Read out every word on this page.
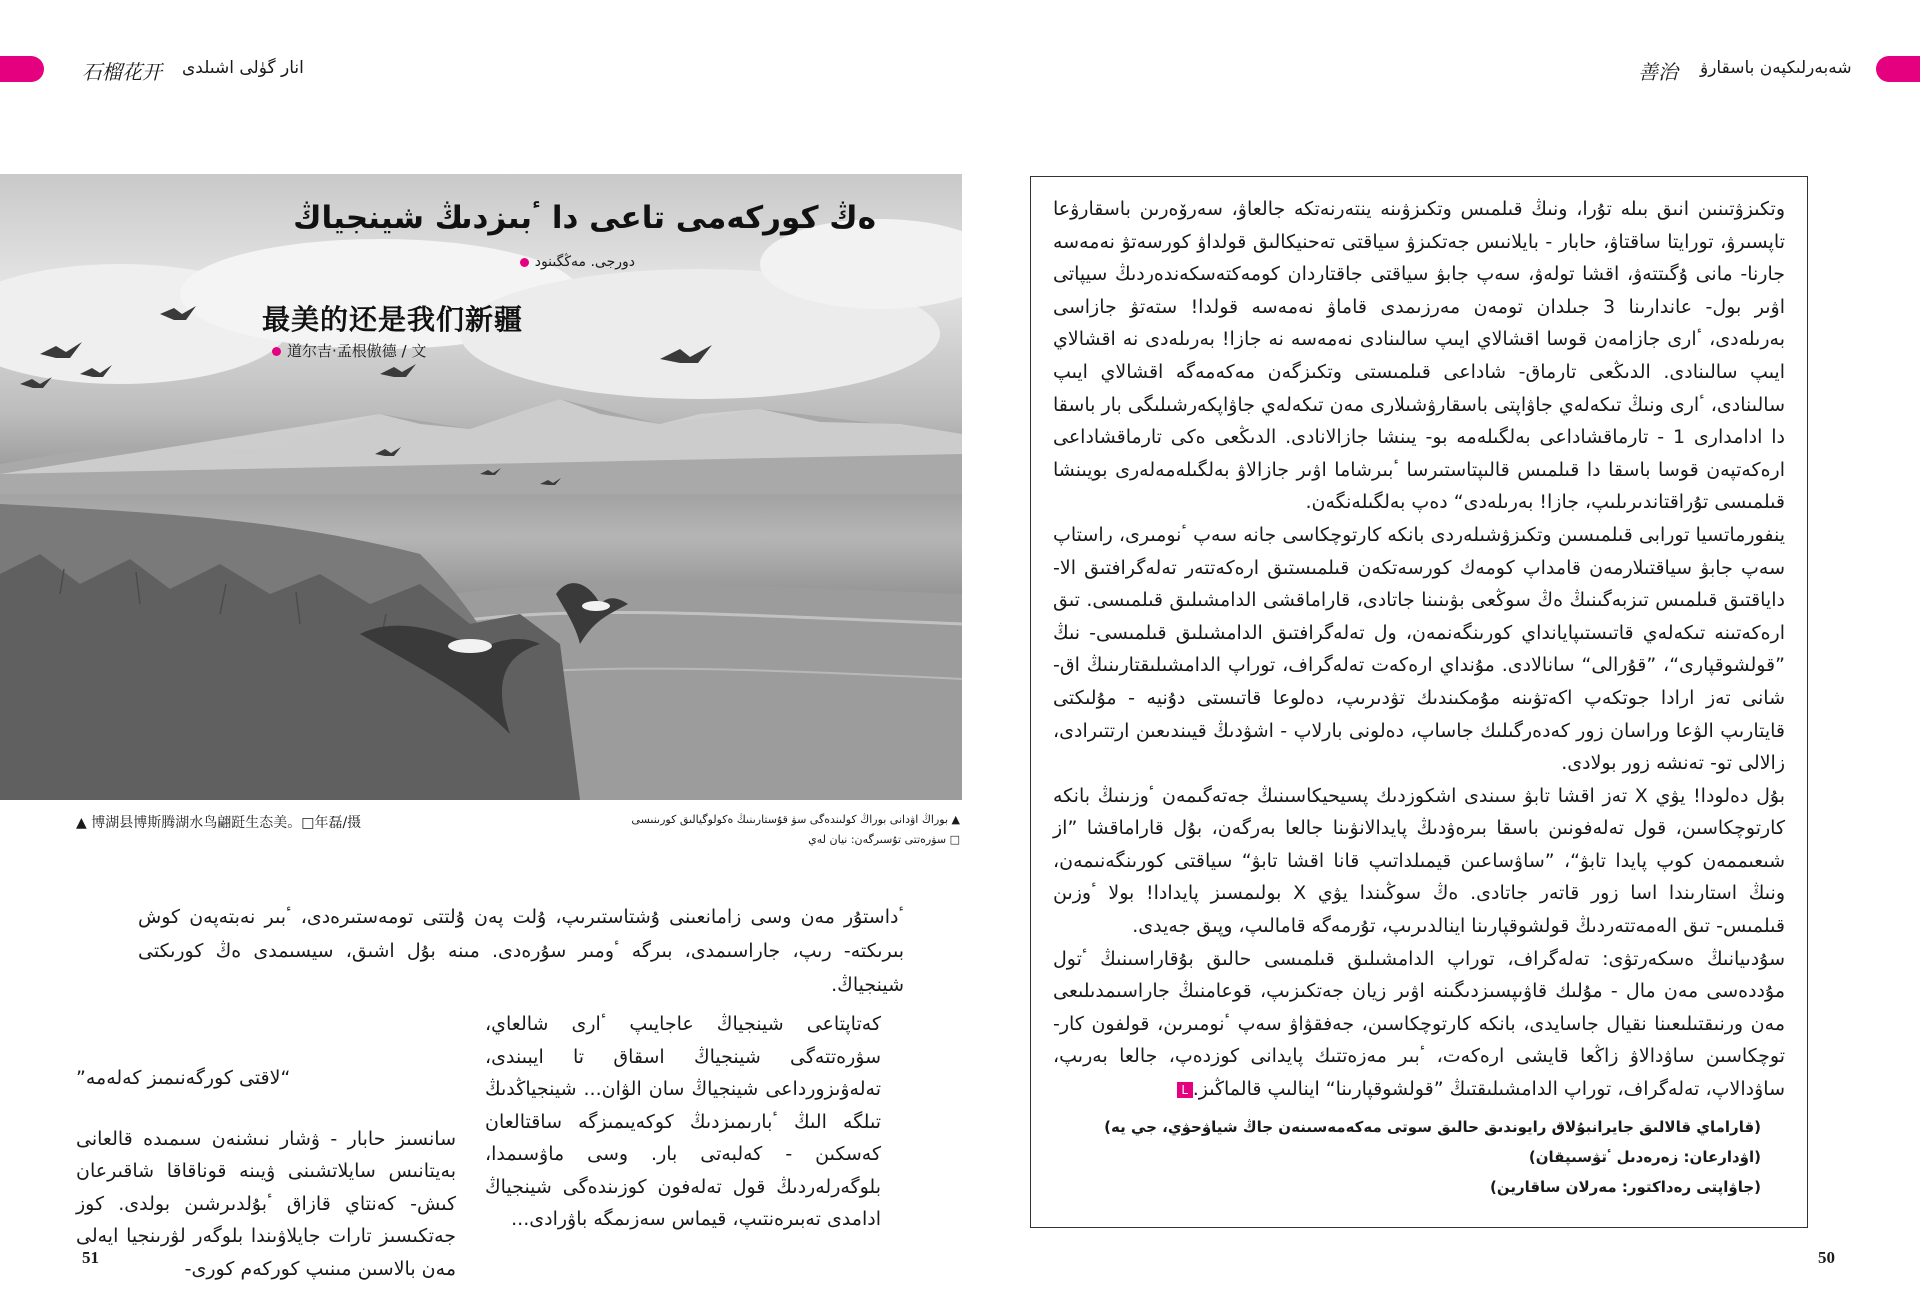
石榴花开 انار گۈلى اشىلدى	善治 شەبەرلىكپەن باسقارۋ
ەڭ كوركەمى تاعى دا ٴبىزدىڭ شينجياڭ
دورجى. مەڭگىنود
最美的还是我们新疆
道尔吉·孟根傲德 / 文
▲ 博湖县博斯腾湖水鸟翩跹生态美。□年磊/摄	▲ بوراڭ اۋدانى بوراڭ كولىندەگى سۋ قۇستارىنىڭ ەكولوگيالىق كورىنىسى
□ سۋرەتتى تۇسىرگەن: نيان لەي

ٴداستۇر مەن وسى زامانعىنى ۇشتاستىرىپ، ۇلت پەن ۇلتتى تومەستىرەدى، ٴبىر نەبتەپەن كوش بىرىكتە- رىپ، جاراسىمدى، بىرگە ٴومىر سۇرەدى. مىنە بۇل اشىق، سيسىمدى ەڭ كورىكتى شينجياڭ.

”لاقتى كورگەنىمىز كەلەمە“

سانسىز حابار - ۋشار نىشنەن سىمىدە قالعانى بەيتانىس سايلاتشىنى ۋيىنە قوناقاقا شاقىرعان كىش- كەنتاي قازاق ٴبۇلدىرشىن بولدى. كوز جەتكىسىز تارات جايلاۋىندا بلوگەر لۋرىنجيا ايەلى مەن بالاسىن مىنىپ كوركەم كورى-

كەتاپتاعى شينجياڭ عاجايىپ ٴارى شالعاي، سۋرەتتەگى شينجياڭ اسقاق تا ايبىندى، تەلەۋىزورداعى شينجياڭ سان الۋان... شينجياڭدىڭ تىلگە الىڭ ٴبارىمىزدىڭ كوكەيىمىزگە ساقتالعان كەسكىن - كەلبەتى بار. وسى ماۋسىمدا، بلوگەرلەردىڭ قول تەلەفون كوزىندەگى شينجياڭ ادامدى تەبىرەنتىپ، قيماس سەزىمگە باۋرادى...

وتكىزۋتىنىن انىق بىلە تۇرا، ونىڭ قىلمىس وتكىزۋىنە ينتەرنەتكە جالعاۋ، سەرۆەرىن باسقارۋعا تاپسىرۋ، تورايتا ساقتاۋ، حابار - بايلانىس جەتكىزۋ سياقتى تەحنيكالىق قولداۋ كورسەتۋ نەمەسە جارنا- مانى ۇگىتتەۋ، اقشا تولەۋ، سەپ جابۋ سياقتى جاقتاردان كومەكتەسكەندەردىڭ سيپاتى اۋىر بول- عاندارىنا 3 جىلدان تومەن مەرزىمدى قاماۋ نەمەسە قولدا! ستەتۋ جازاسى بەرىلەدى، ٴارى جازامەن قوسا اقشالاي ايىپ سالىنادى نەمەسە نە جازا! بەرىلەدى نە اقشالاي ايىپ سالىنادى. الدىڭعى تارماق- شاداعى قىلمىستى وتكىزگەن مەكەمەگە اقشالاي ايىپ سالىنادى، ٴارى ونىڭ تىكەلەي جاۋاپتى باسقارۋشىلارى مەن تىكەلەي جاۋاپكەرشىلىگى بار باسقا دا ادامدارى 1 - تارماقشاداعى بەلگىلەمە بو- يىنشا جازالانادى. الدىڭعى ەكى تارماقشاداعى ارەكەتپەن قوسا باسقا دا قىلمىس قالىپتاستىرسا ٴبىرشاما اۋىر جازالاۋ بەلگىلەمەلەرى بويىنشا قىلمىسى تۇراقتاندىرىلىپ، جازا! بەرىلەدى“ دەپ بەلگىلەنگەن.

ينفورماتسيا تورابى قىلمىسىن وتكىزۋشىلەردى بانكە كارتوچكاسى جانە سەپ ٴنومىرى، راستاپ سەپ جابۋ سياقتىلارمەن قامداپ كومەك كورسەتكەن قىلمىستىق ارەكەتتەر تەلەگرافتىق الا- داياقتىق قىلمىس تىزبەگىنىڭ ەڭ سوڭعى بۋىنىنا جاتادى، قاراماقشى الدامشىلىق قىلمىسى. تىق ارەكەتىنە تىكەلەي قاتىستىپايانداي كورىنگەنمەن، ول تەلەگرافتىق الدامشىلىق قىلمىسى- نىڭ ”قولشوقپارى“، ”قۇرالى“ سانالادى. مۇنداي ارەكەت تەلەگراف، توراپ الدامشىلىقتارىنىڭ اق- شانى تەز ارادا جوتكەپ اكەتۋىنە مۇمكىندىك تۋدىرىپ، دەلوعا قاتىستى دۇنيە - مۇلىكتى قايتارىپ الۋعا وراسان زور كەدەرگىلىك جاساپ، دەلونى بارلاپ - اشۋدىڭ قيىندىعىن ارتتىرادى، زالالى تو- تەنشە زور بولادى.

بۇل دەلودا! يۋي X تەز اقشا تابۋ سىندى اشكوزدىك پسيحيكاسىنىڭ جەتەگىمەن ٴوزىنىڭ بانكە كارتوچكاسىن، قول تەلەفونىن باسقا بىرەۋدىڭ پايدالانۋىنا جالعا بەرگەن، بۇل قاراماقشا ”از شىعىممەن كوپ پايدا تابۋ“، ”ساۋساعىن قيمىلداتىپ قانا اقشا تابۋ“ سياقتى كورىنگەنىمەن، ونىڭ استارىندا اسا زور قاتەر جاتادى. ەڭ سوڭىندا يۋي X بولىمسىز پايدادا! بولا ٴوزىن قىلمىس- تىق الەمەتتەردىڭ قولشوقپارىنا اينالدىرىپ، تۇرمەگە قامالىپ، وپىق جەيدى.

سۇدىيانىڭ ەسكەرتۋى: تەلەگراف، توراپ الدامشىلىق قىلمىسى حالىق بۇقاراسىنىڭ ٴتول مۇددەسى مەن مال - مۇلىك قاۋىپسىزدىگىنە اۋىر زيان جەتكىزىپ، قوعامنىڭ جاراسىمدىلىعى مەن ورنىقتىلىعىنا نقيال جاسايدى، بانكە كارتوچكاسىن، جەفقۋاۋ سەپ ٴنومىرىن، قولفون كار- توچكاسىن ساۋدالاۋ زاڭعا قايشى ارەكەت، ٴبىر مەزەتتىك پايدانى كوزدەپ، جالعا بەرىپ، ساۋدالاپ، تەلەگراف، توراپ الدامشىلىقتىڭ ”قولشوقپارىنا“ اينالىپ قالماڭىز.L

(قاراماي قالالىق جايرانبۇلاق رايوندىق حالىق سوتى مەكەمەسىنەن جاڭ شياۋحۋي، جي يە)
(اۋدارعان: زەرەدىل ٴتۋسىپقان)
(جاۋاپتى رەداكتور: مەرلان ساقارين)
51	50
